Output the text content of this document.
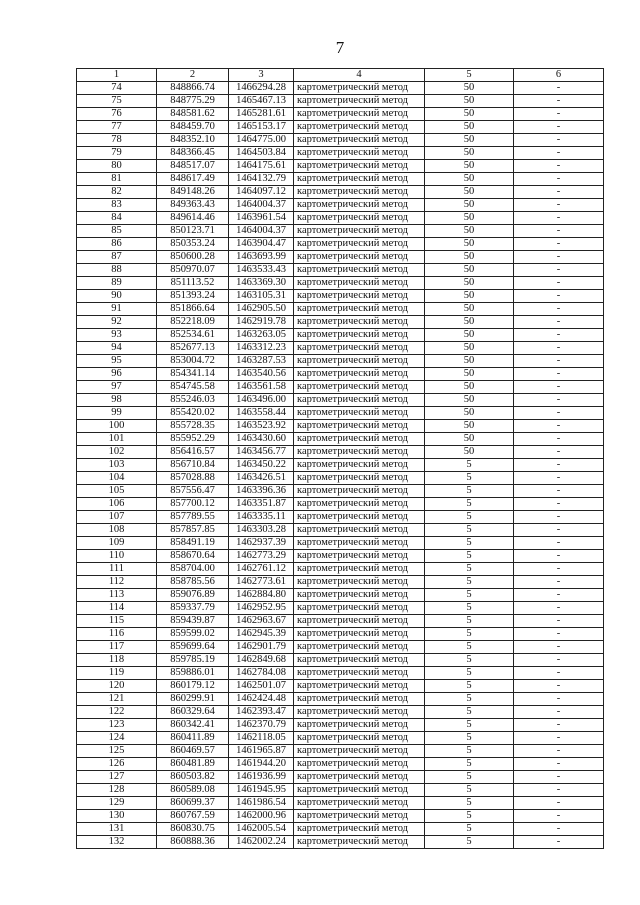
7
1	2	3	4	5	6
74	848866.74	1466294.28	картометрический метод	50	-
75	848775.29	1465467.13	картометрический метод	50	-
76	848581.62	1465281.61	картометрический метод	50	-
77	848459.70	1465153.17	картометрический метод	50	-
78	848352.10	1464775.00	картометрический метод	50	-
79	848366.45	1464503.84	картометрический метод	50	-
80	848517.07	1464175.61	картометрический метод	50	-
81	848617.49	1464132.79	картометрический метод	50	-
82	849148.26	1464097.12	картометрический метод	50	-
83	849363.43	1464004.37	картометрический метод	50	-
84	849614.46	1463961.54	картометрический метод	50	-
85	850123.71	1464004.37	картометрический метод	50	-
86	850353.24	1463904.47	картометрический метод	50	-
87	850600.28	1463693.99	картометрический метод	50	-
88	850970.07	1463533.43	картометрический метод	50	-
89	851113.52	1463369.30	картометрический метод	50	-
90	851393.24	1463105.31	картометрический метод	50	-
91	851866.64	1462905.50	картометрический метод	50	-
92	852218.09	1462919.78	картометрический метод	50	-
93	852534.61	1463263.05	картометрический метод	50	-
94	852677.13	1463312.23	картометрический метод	50	-
95	853004.72	1463287.53	картометрический метод	50	-
96	854341.14	1463540.56	картометрический метод	50	-
97	854745.58	1463561.58	картометрический метод	50	-
98	855246.03	1463496.00	картометрический метод	50	-
99	855420.02	1463558.44	картометрический метод	50	-
100	855728.35	1463523.92	картометрический метод	50	-
101	855952.29	1463430.60	картометрический метод	50	-
102	856416.57	1463456.77	картометрический метод	50	-
103	856710.84	1463450.22	картометрический метод	5	-
104	857028.88	1463426.51	картометрический метод	5	-
105	857556.47	1463396.36	картометрический метод	5	-
106	857700.12	1463351.87	картометрический метод	5	-
107	857789.55	1463335.11	картометрический метод	5	-
108	857857.85	1463303.28	картометрический метод	5	-
109	858491.19	1462937.39	картометрический метод	5	-
110	858670.64	1462773.29	картометрический метод	5	-
111	858704.00	1462761.12	картометрический метод	5	-
112	858785.56	1462773.61	картометрический метод	5	-
113	859076.89	1462884.80	картометрический метод	5	-
114	859337.79	1462952.95	картометрический метод	5	-
115	859439.87	1462963.67	картометрический метод	5	-
116	859599.02	1462945.39	картометрический метод	5	-
117	859699.64	1462901.79	картометрический метод	5	-
118	859785.19	1462849.68	картометрический метод	5	-
119	859886.01	1462784.08	картометрический метод	5	-
120	860179.12	1462501.07	картометрический метод	5	-
121	860299.91	1462424.48	картометрический метод	5	-
122	860329.64	1462393.47	картометрический метод	5	-
123	860342.41	1462370.79	картометрический метод	5	-
124	860411.89	1462118.05	картометрический метод	5	-
125	860469.57	1461965.87	картометрический метод	5	-
126	860481.89	1461944.20	картометрический метод	5	-
127	860503.82	1461936.99	картометрический метод	5	-
128	860589.08	1461945.95	картометрический метод	5	-
129	860699.37	1461986.54	картометрический метод	5	-
130	860767.59	1462000.96	картометрический метод	5	-
131	860830.75	1462005.54	картометрический метод	5	-
132	860888.36	1462002.24	картометрический метод	5	-
